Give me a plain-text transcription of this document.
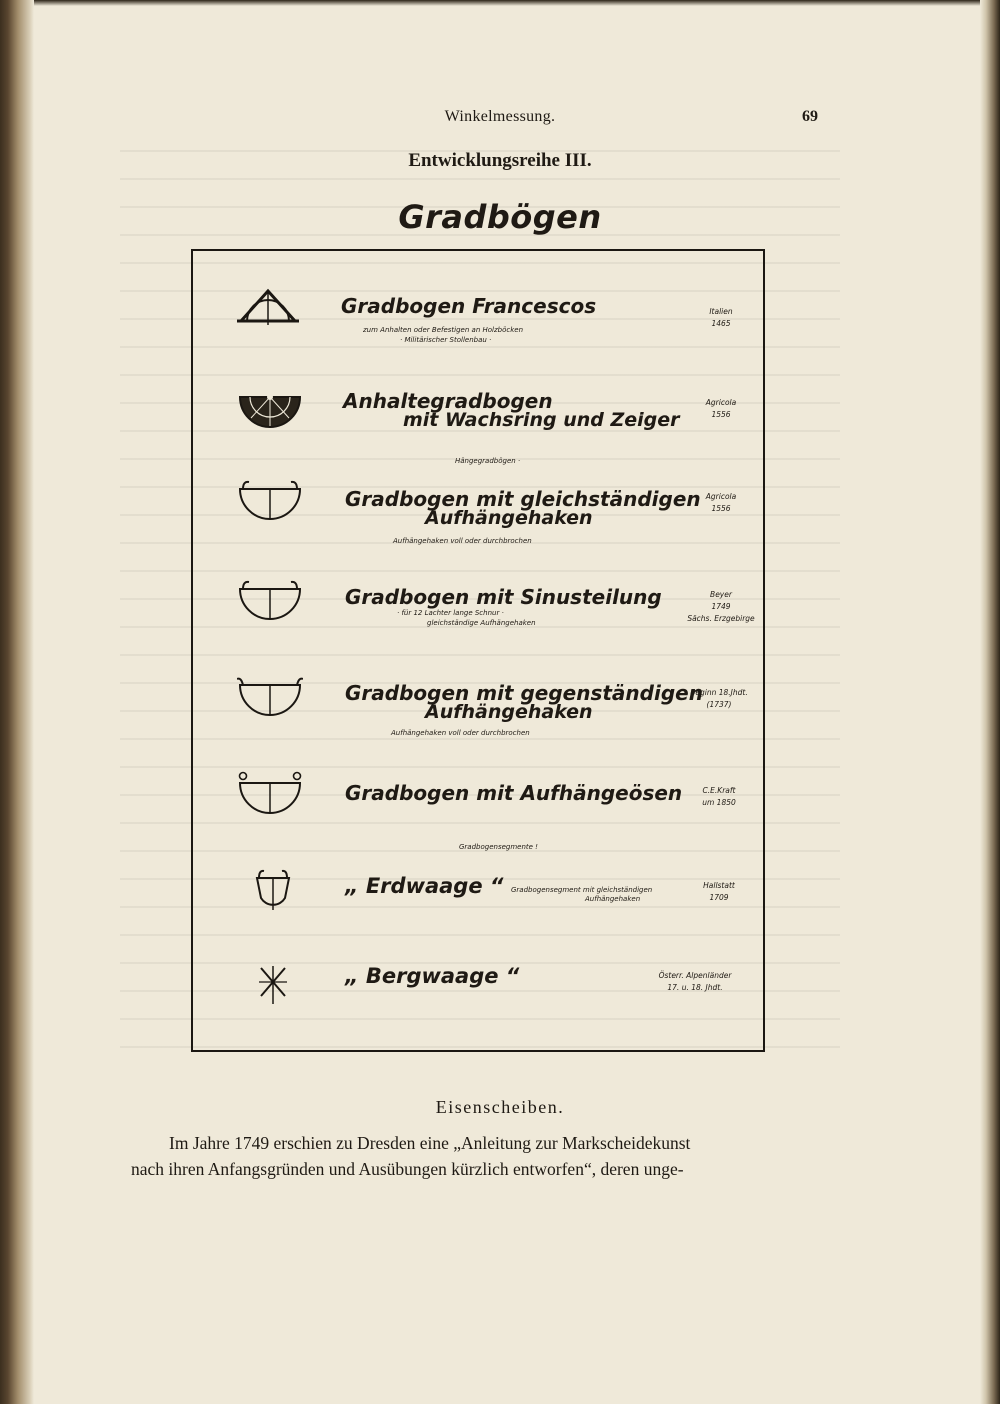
Winkelmessung.	69
Entwicklungsreihe III.
Gradbögen
Gradbogen Francescos
zum Anhalten oder Befestigen an Holzböcken
· Militärischer Stollenbau ·
Italien
1465
Anhaltegradbogen
mit Wachsring und Zeiger
Hängegradbögen ·
Agricola
1556
Gradbogen mit gleichständigen
Aufhängehaken
Aufhängehaken voll oder durchbrochen
Agricola
1556
Gradbogen mit Sinusteilung
· für 12 Lachter lange Schnur ·
gleichständige Aufhängehaken
Beyer
1749
Sächs. Erzgebirge
Gradbogen mit gegenständigen
Aufhängehaken
Aufhängehaken voll oder durchbrochen
Beginn 18.Jhdt.
(1737)
Gradbogen mit Aufhängeösen
Gradbogensegmente !
C.E.Kraft
um 1850
„ Erdwaage “ Gradbogensegment mit gleichständigen
Aufhängehaken
Hallstatt
1709
„ Bergwaage “	Österr. Alpenländer
17. u. 18. Jhdt.
Eisenscheiben.
Im Jahre 1749 erschien zu Dresden eine „Anleitung zur Markscheidekunst
nach ihren Anfangsgründen und Ausübungen kürzlich entworfen“, deren unge-
